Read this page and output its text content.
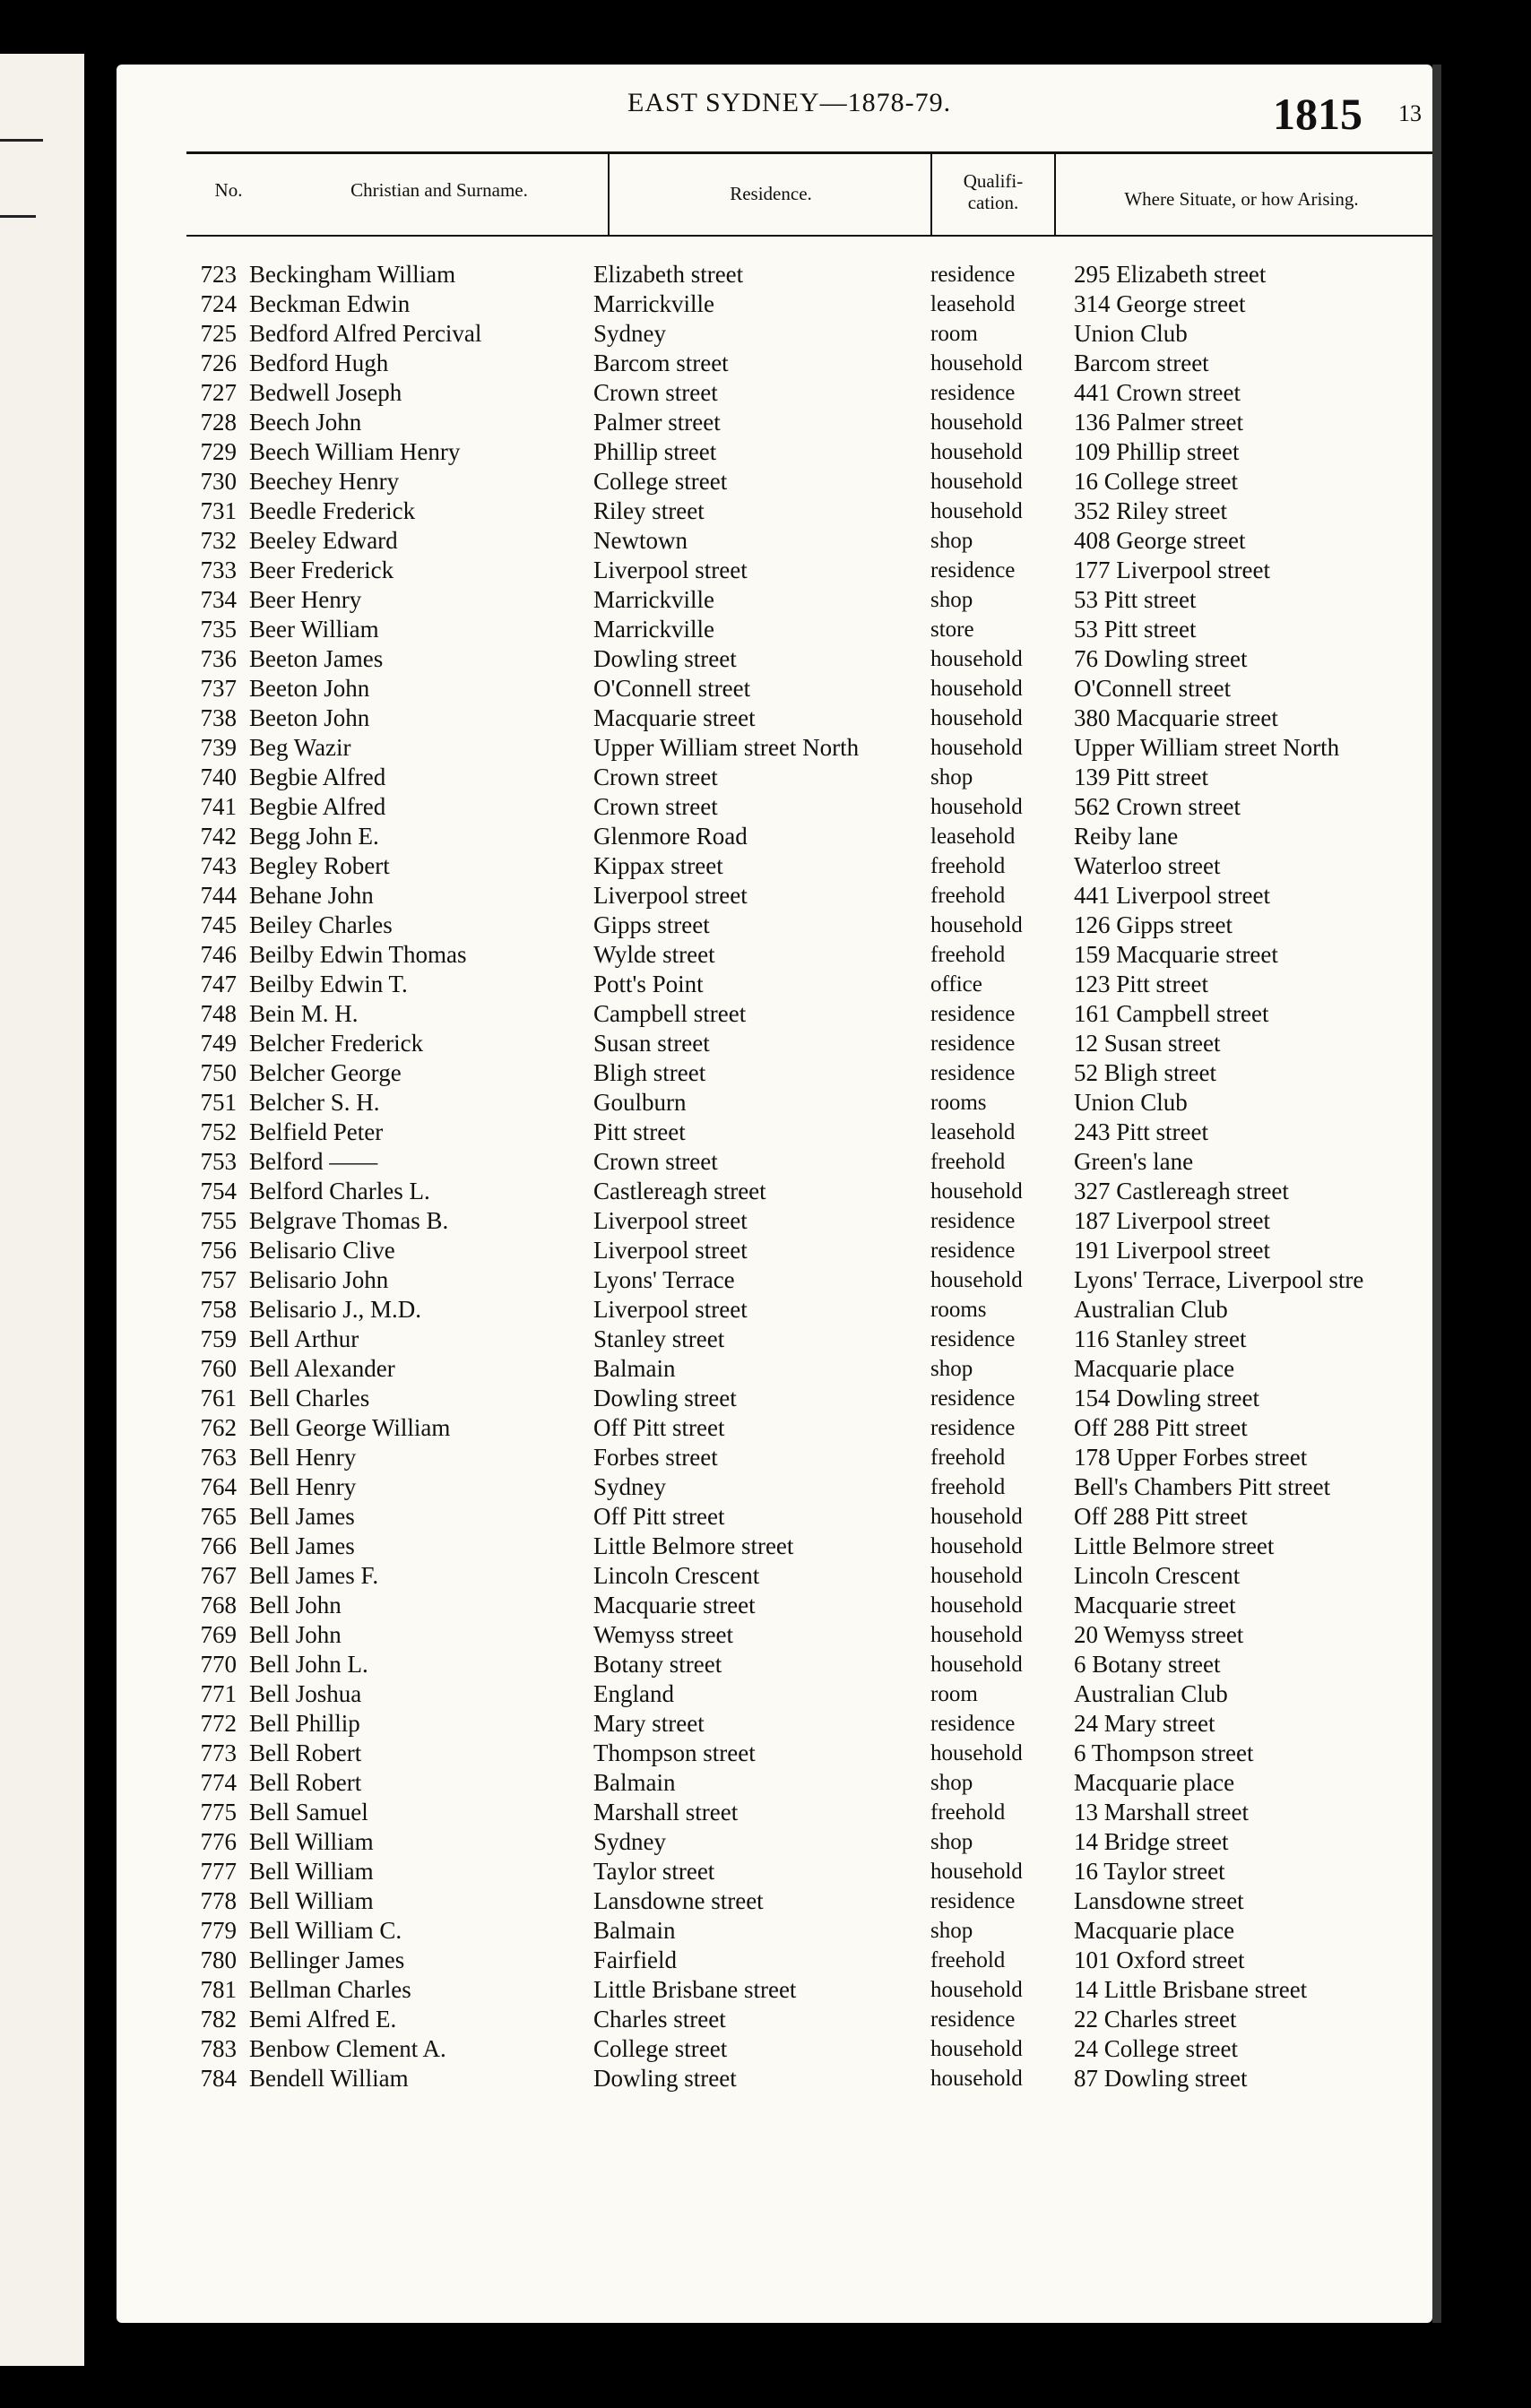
EAST SYDNEY—1878-79.	1815 13
No.	Christian and Surname.	Residence.
Qualifi-
cation.	Where Situate, or how Arising.
723 Beckingham William	Elizabeth street	residence 295 Elizabeth street
724 Beckman Edwin	Marrickville	leasehold 314 George street
725 Bedford Alfred Percival	Sydney	room	Union Club
726 Bedford Hugh	Barcom street	household Barcom street
727 Bedwell Joseph	Crown street	residence 441 Crown street
728 Beech John	Palmer street	household 136 Palmer street
729 Beech William Henry	Phillip street	household 109 Phillip street
730 Beechey Henry	College street	household 16 College street
731 Beedle Frederick	Riley street	household 352 Riley street
732 Beeley Edward	Newtown	shop	408 George street
733 Beer Frederick	Liverpool street	residence 177 Liverpool street
734 Beer Henry	Marrickville	shop	53 Pitt street
735 Beer William	Marrickville	store	53 Pitt street
736 Beeton James	Dowling street	household 76 Dowling street
737 Beeton John	O'Connell street	household O'Connell street
738 Beeton John	Macquarie street	household 380 Macquarie street
739 Beg Wazir	Upper William street North	household Upper William street North
740 Begbie Alfred	Crown street	shop	139 Pitt street
741 Begbie Alfred	Crown street	household 562 Crown street
742 Begg John E.	Glenmore Road	leasehold Reiby lane
743 Begley Robert	Kippax street	freehold	Waterloo street
744 Behane John	Liverpool street	freehold	441 Liverpool street
745 Beiley Charles	Gipps street	household 126 Gipps street
746 Beilby Edwin Thomas	Wylde street	freehold	159 Macquarie street
747 Beilby Edwin T.	Pott's Point	office	123 Pitt street
748 Bein M. H.	Campbell street	residence 161 Campbell street
749 Belcher Frederick	Susan street	residence 12 Susan street
750 Belcher George	Bligh street	residence 52 Bligh street
751 Belcher S. H.	Goulburn	rooms	Union Club
752 Belfield Peter	Pitt street	leasehold 243 Pitt street
753 Belford ——	Crown street	freehold	Green's lane
754 Belford Charles L.	Castlereagh street	household 327 Castlereagh street
755 Belgrave Thomas B.	Liverpool street	residence 187 Liverpool street
756 Belisario Clive	Liverpool street	residence 191 Liverpool street
757 Belisario John	Lyons' Terrace	household Lyons' Terrace, Liverpool stre
758 Belisario J., M.D.	Liverpool street	rooms	Australian Club
759 Bell Arthur	Stanley street	residence 116 Stanley street
760 Bell Alexander	Balmain	shop	Macquarie place
761 Bell Charles	Dowling street	residence 154 Dowling street
762 Bell George William	Off Pitt street	residence Off 288 Pitt street
763 Bell Henry	Forbes street	freehold	178 Upper Forbes street
764 Bell Henry	Sydney	freehold	Bell's Chambers Pitt street
765 Bell James	Off Pitt street	household Off 288 Pitt street
766 Bell James	Little Belmore street	household Little Belmore street
767 Bell James F.	Lincoln Crescent	household Lincoln Crescent
768 Bell John	Macquarie street	household Macquarie street
769 Bell John	Wemyss street	household 20 Wemyss street
770 Bell John L.	Botany street	household 6 Botany street
771 Bell Joshua	England	room	Australian Club
772 Bell Phillip	Mary street	residence 24 Mary street
773 Bell Robert	Thompson street	household 6 Thompson street
774 Bell Robert	Balmain	shop	Macquarie place
775 Bell Samuel	Marshall street	freehold	13 Marshall street
776 Bell William	Sydney	shop	14 Bridge street
777 Bell William	Taylor street	household 16 Taylor street
778 Bell William	Lansdowne street	residence Lansdowne street
779 Bell William C.	Balmain	shop	Macquarie place
780 Bellinger James	Fairfield	freehold	101 Oxford street
781 Bellman Charles	Little Brisbane street	household 14 Little Brisbane street
782 Bemi Alfred E.	Charles street	residence 22 Charles street
783 Benbow Clement A.	College street	household 24 College street
784 Bendell William	Dowling street	household 87 Dowling street
